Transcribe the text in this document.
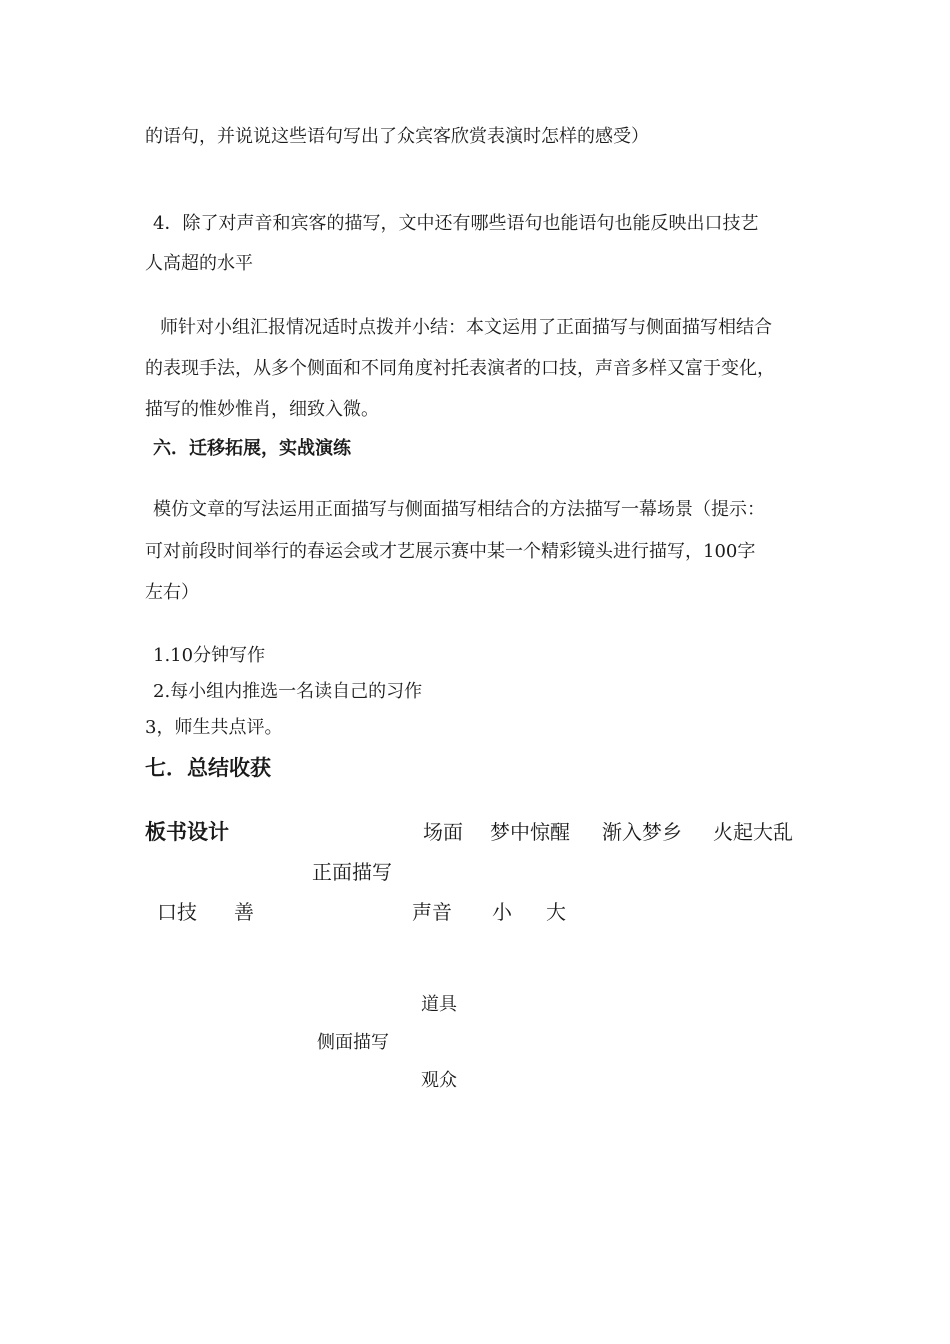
的语句，并说说这些语句写出了众宾客欣赏表演时怎样的感受）
4．除了对声音和宾客的描写，文中还有哪些语句也能语句也能反映出口技艺
人高超的水平
师针对小组汇报情况适时点拨并小结：本文运用了正面描写与侧面描写相结合
的表现手法，从多个侧面和不同角度衬托表演者的口技，声音多样又富于变化，
描写的惟妙惟肖，细致入微。
六．迁移拓展，实战演练
模仿文章的写法运用正面描写与侧面描写相结合的方法描写一幕场景（提示：
可对前段时间举行的春运会或才艺展示赛中某一个精彩镜头进行描写，100字
左右）
1.10分钟写作
2.每小组内推选一名读自己的习作
3，师生共点评。
七．总结收获
板书设计	场面 梦中惊醒 渐入梦乡 火起大乱
正面描写
口技 善	声音 小 大
道具
侧面描写
观众
